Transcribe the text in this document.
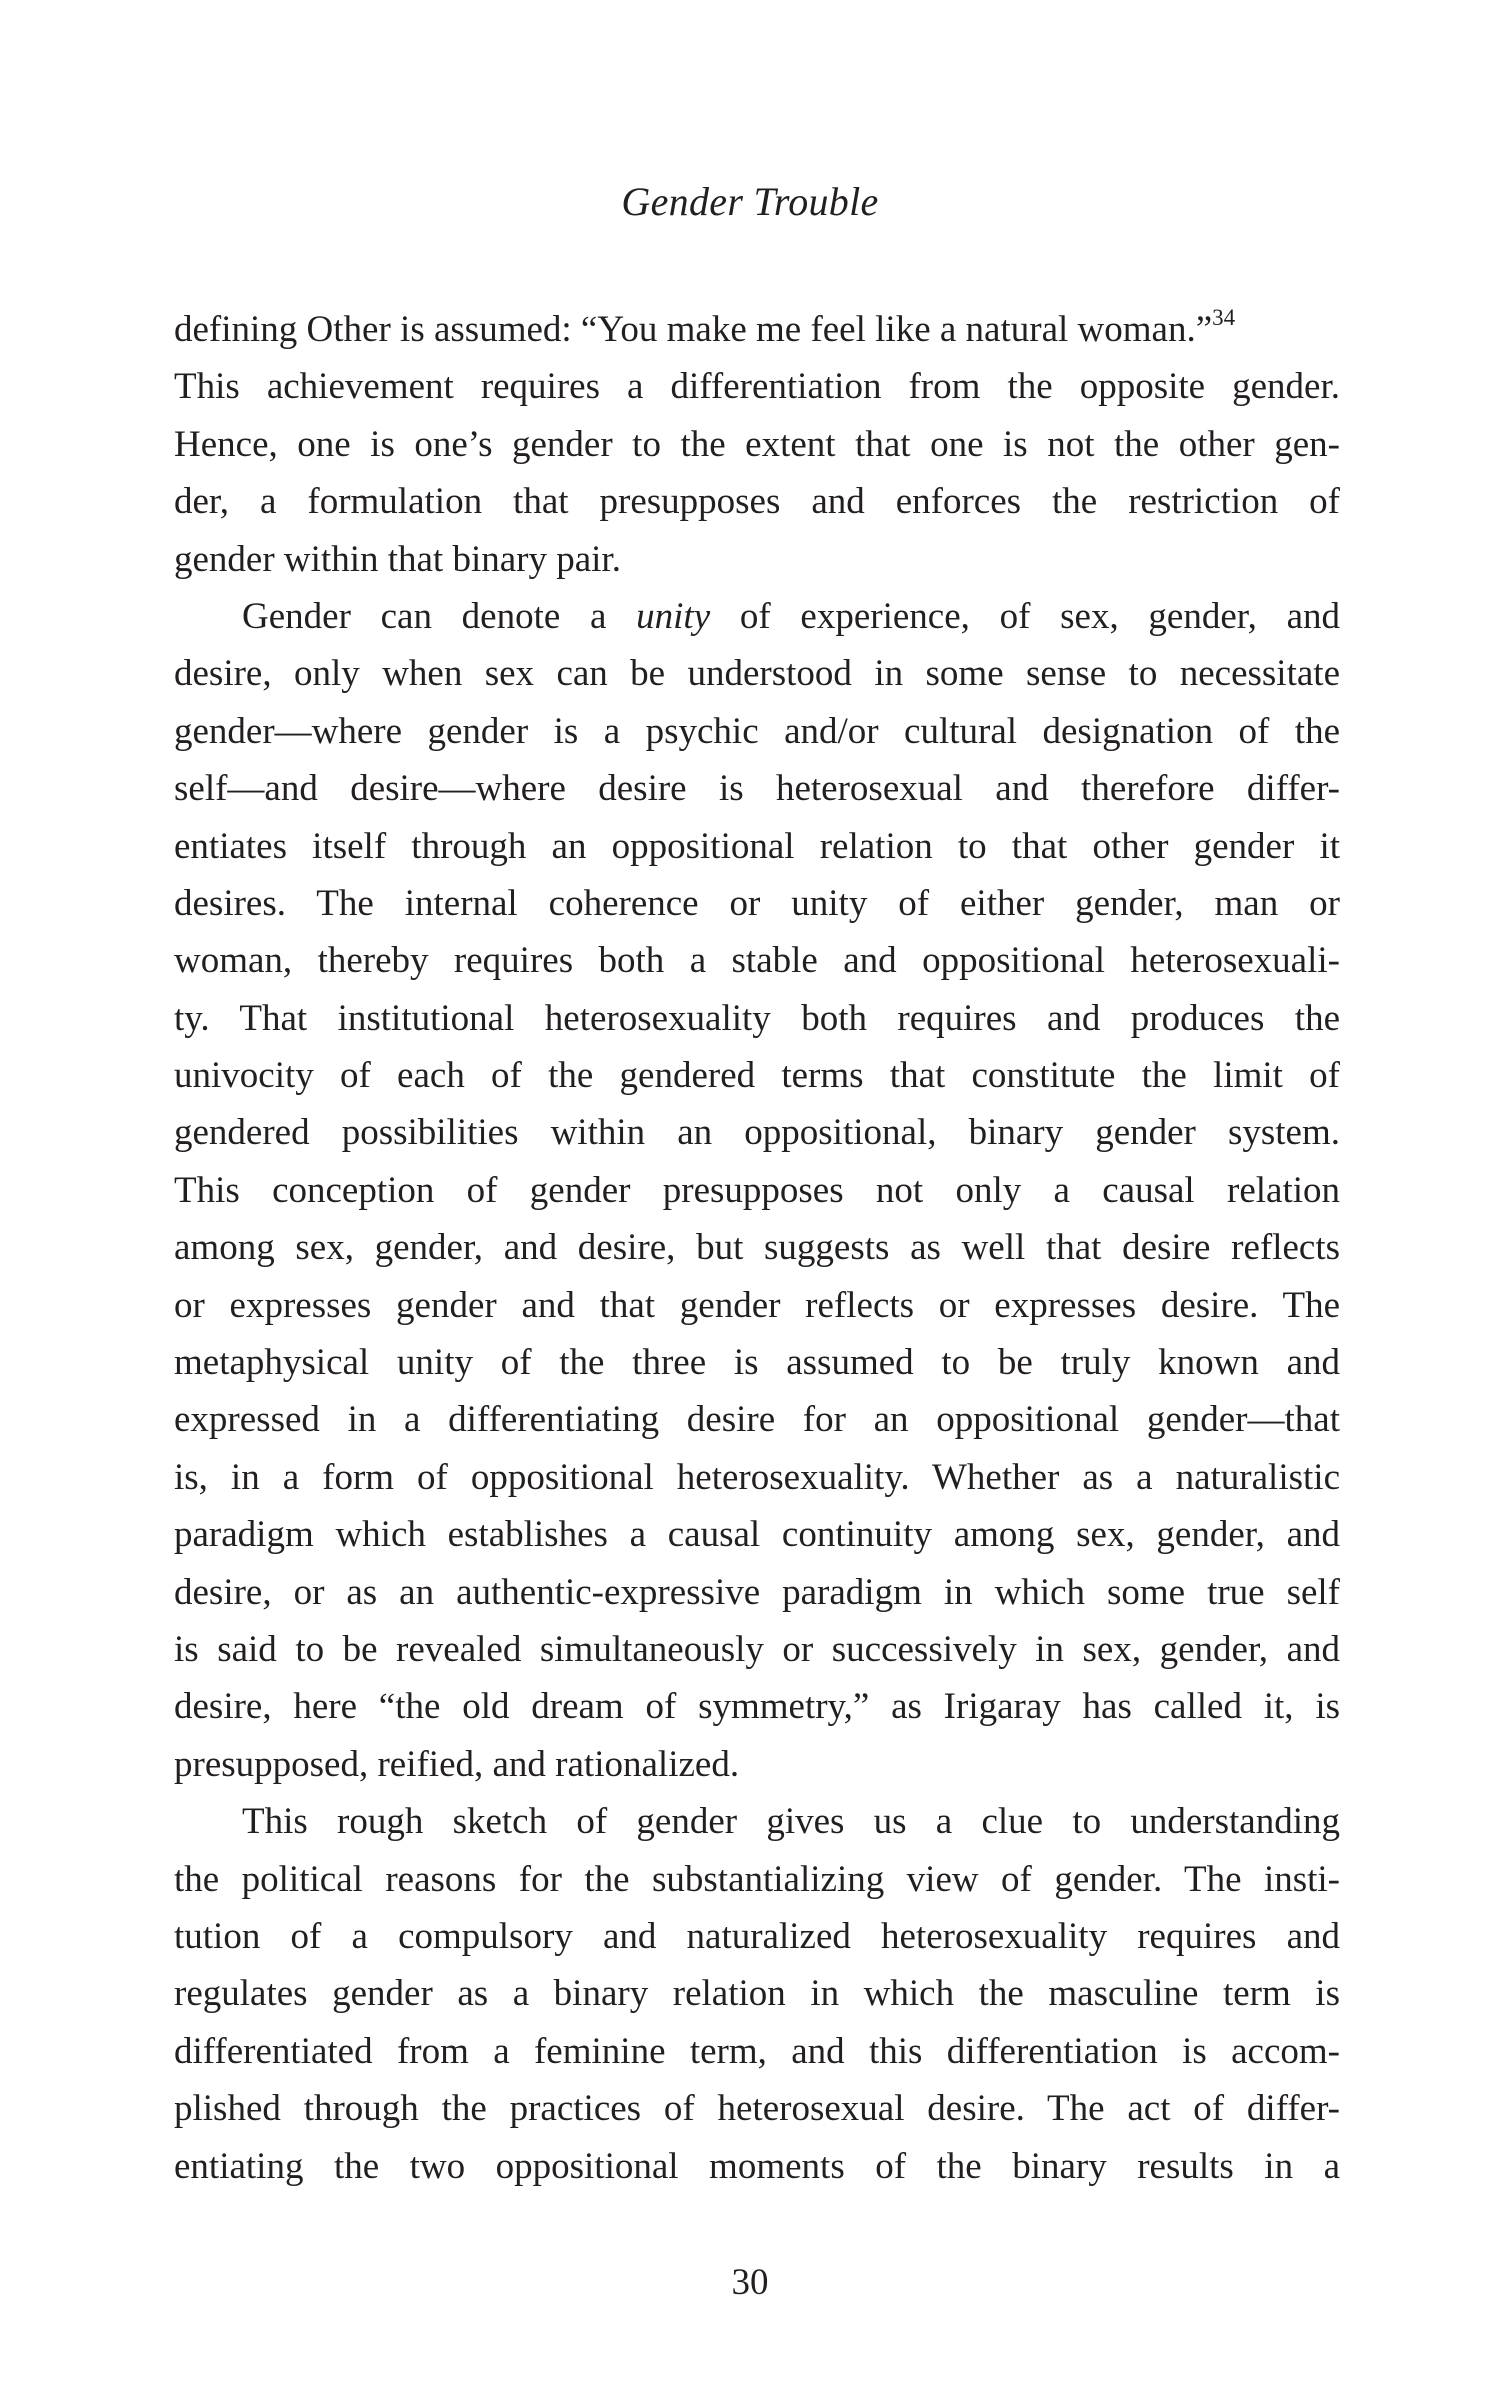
Gender Trouble
defining Other is assumed: “You make me feel like a natural woman.”$^{34}$
This achievement requires a differentiation from the opposite gender.
Hence, one is one’s gender to the extent that one is not the other gen-
der, a formulation that presupposes and enforces the restriction of
gender within that binary pair.
Gender can denote a unity of experience, of sex, gender, and
desire, only when sex can be understood in some sense to necessitate
gender—where gender is a psychic and/or cultural designation of the
self—and desire—where desire is heterosexual and therefore differ-
entiates itself through an oppositional relation to that other gender it
desires. The internal coherence or unity of either gender, man or
woman, thereby requires both a stable and oppositional heterosexuali-
ty. That institutional heterosexuality both requires and produces the
univocity of each of the gendered terms that constitute the limit of
gendered possibilities within an oppositional, binary gender system.
This conception of gender presupposes not only a causal relation
among sex, gender, and desire, but suggests as well that desire reflects
or expresses gender and that gender reflects or expresses desire. The
metaphysical unity of the three is assumed to be truly known and
expressed in a differentiating desire for an oppositional gender—that
is, in a form of oppositional heterosexuality. Whether as a naturalistic
paradigm which establishes a causal continuity among sex, gender, and
desire, or as an authentic-expressive paradigm in which some true self
is said to be revealed simultaneously or successively in sex, gender, and
desire, here “the old dream of symmetry,” as Irigaray has called it, is
presupposed, reified, and rationalized.
This rough sketch of gender gives us a clue to understanding
the political reasons for the substantializing view of gender. The insti-
tution of a compulsory and naturalized heterosexuality requires and
regulates gender as a binary relation in which the masculine term is
differentiated from a feminine term, and this differentiation is accom-
plished through the practices of heterosexual desire. The act of differ-
entiating the two oppositional moments of the binary results in a
30
